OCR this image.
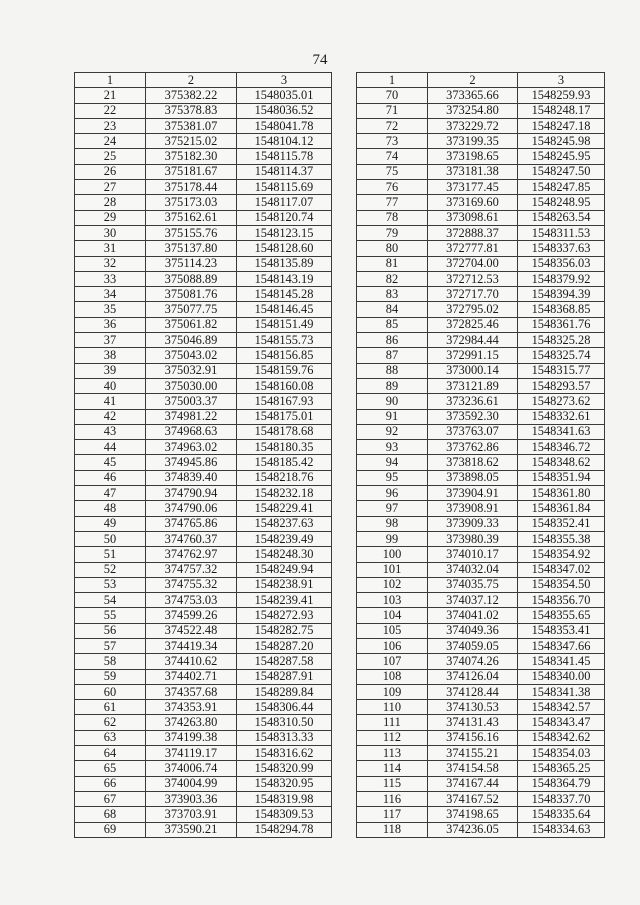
74
1	2	3
21	375382.22	1548035.01
22	375378.83	1548036.52
23	375381.07	1548041.78
24	375215.02	1548104.12
25	375182.30	1548115.78
26	375181.67	1548114.37
27	375178.44	1548115.69
28	375173.03	1548117.07
29	375162.61	1548120.74
30	375155.76	1548123.15
31	375137.80	1548128.60
32	375114.23	1548135.89
33	375088.89	1548143.19
34	375081.76	1548145.28
35	375077.75	1548146.45
36	375061.82	1548151.49
37	375046.89	1548155.73
38	375043.02	1548156.85
39	375032.91	1548159.76
40	375030.00	1548160.08
41	375003.37	1548167.93
42	374981.22	1548175.01
43	374968.63	1548178.68
44	374963.02	1548180.35
45	374945.86	1548185.42
46	374839.40	1548218.76
47	374790.94	1548232.18
48	374790.06	1548229.41
49	374765.86	1548237.63
50	374760.37	1548239.49
51	374762.97	1548248.30
52	374757.32	1548249.94
53	374755.32	1548238.91
54	374753.03	1548239.41
55	374599.26	1548272.93
56	374522.48	1548282.75
57	374419.34	1548287.20
58	374410.62	1548287.58
59	374402.71	1548287.91
60	374357.68	1548289.84
61	374353.91	1548306.44
62	374263.80	1548310.50
63	374199.38	1548313.33
64	374119.17	1548316.62
65	374006.74	1548320.99
66	374004.99	1548320.95
67	373903.36	1548319.98
68	373703.91	1548309.53
69	373590.21	1548294.78
1	2	3
70	373365.66	1548259.93
71	373254.80	1548248.17
72	373229.72	1548247.18
73	373199.35	1548245.98
74	373198.65	1548245.95
75	373181.38	1548247.50
76	373177.45	1548247.85
77	373169.60	1548248.95
78	373098.61	1548263.54
79	372888.37	1548311.53
80	372777.81	1548337.63
81	372704.00	1548356.03
82	372712.53	1548379.92
83	372717.70	1548394.39
84	372795.02	1548368.85
85	372825.46	1548361.76
86	372984.44	1548325.28
87	372991.15	1548325.74
88	373000.14	1548315.77
89	373121.89	1548293.57
90	373236.61	1548273.62
91	373592.30	1548332.61
92	373763.07	1548341.63
93	373762.86	1548346.72
94	373818.62	1548348.62
95	373898.05	1548351.94
96	373904.91	1548361.80
97	373908.91	1548361.84
98	373909.33	1548352.41
99	373980.39	1548355.38
100	374010.17	1548354.92
101	374032.04	1548347.02
102	374035.75	1548354.50
103	374037.12	1548356.70
104	374041.02	1548355.65
105	374049.36	1548353.41
106	374059.05	1548347.66
107	374074.26	1548341.45
108	374126.04	1548340.00
109	374128.44	1548341.38
110	374130.53	1548342.57
111	374131.43	1548343.47
112	374156.16	1548342.62
113	374155.21	1548354.03
114	374154.58	1548365.25
115	374167.44	1548364.79
116	374167.52	1548337.70
117	374198.65	1548335.64
118	374236.05	1548334.63
